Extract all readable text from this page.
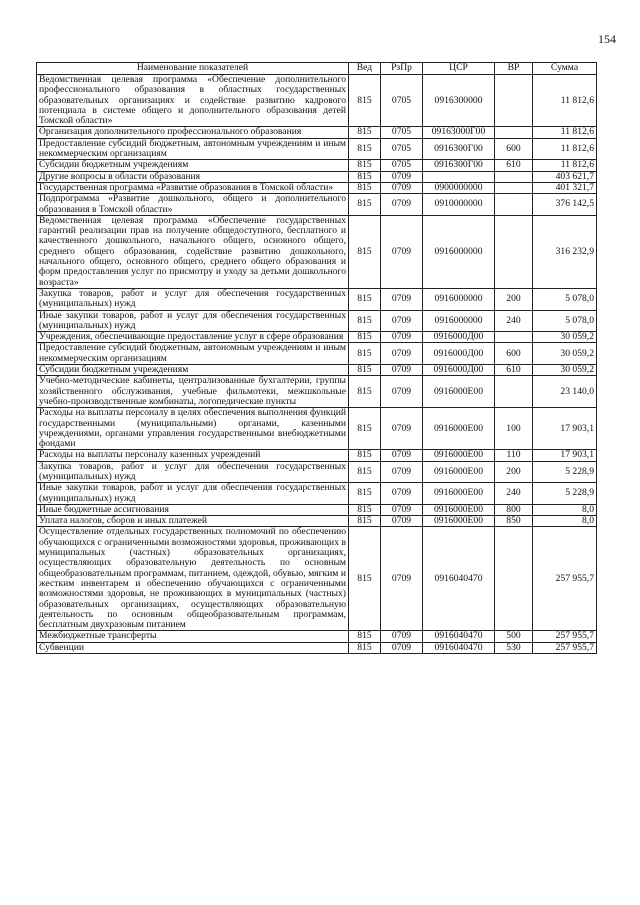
154
Наименование показателей	Вед	РзПр	ЦСР	ВР	Сумма
Ведомственная целевая программа «Обеспечение дополнительного профессионального образования в областных государственных образовательных организациях и содействие развитию кадрового потенциала в системе общего и дополнительного образования детей Томской области»	815	0705	0916300000		11 812,6
Организация дополнительного профессионального образования	815	0705	09163000Г00		11 812,6
Предоставление субсидий бюджетным, автономным учреждениям и иным некоммерческим организациям	815	0705	0916300Г00	600	11 812,6
Субсидии бюджетным учреждениям	815	0705	0916300Г00	610	11 812,6
Другие вопросы в области образования	815	0709			403 621,7
Государственная программа «Развитие образования в Томской области»	815	0709	0900000000		401 321,7
Подпрограмма «Развитие дошкольного, общего и дополнительного образования в Томской области»	815	0709	0910000000		376 142,5
Ведомственная целевая программа «Обеспечение государственных гарантий реализации прав на получение общедоступного, бесплатного и качественного дошкольного, начального общего, основного общего, среднего общего образования, содействие развитию дошкольного, начального общего, основного общего, среднего общего образования и форм предоставления услуг по присмотру и уходу за детьми дошкольного возраста»	815	0709	0916000000		316 232,9
Закупка товаров, работ и услуг для обеспечения государственных (муниципальных) нужд	815	0709	0916000000	200	5 078,0
Иные закупки товаров, работ и услуг для обеспечения государственных (муниципальных) нужд	815	0709	0916000000	240	5 078,0
Учреждения, обеспечивающие предоставление услуг в сфере образования	815	0709	0916000Д00		30 059,2
Предоставление субсидий бюджетным, автономным учреждениям и иным некоммерческим организациям	815	0709	0916000Д00	600	30 059,2
Субсидии бюджетным учреждениям	815	0709	0916000Д00	610	30 059,2
Учебно-методические кабинеты, централизованные бухгалтерии, группы хозяйственного обслуживания, учебные фильмотеки, межшкольные учебно-производственные комбинаты, логопедические пункты	815	0709	0916000Е00		23 140,0
Расходы на выплаты персоналу в целях обеспечения выполнения функций государственными (муниципальными) органами, казенными учреждениями, органами управления государственными внебюджетными фондами	815	0709	0916000Е00	100	17 903,1
Расходы на выплаты персоналу казенных учреждений	815	0709	0916000Е00	110	17 903,1
Закупка товаров, работ и услуг для обеспечения государственных (муниципальных) нужд	815	0709	0916000Е00	200	5 228,9
Иные закупки товаров, работ и услуг для обеспечения государственных (муниципальных) нужд	815	0709	0916000Е00	240	5 228,9
Иные бюджетные ассигнования	815	0709	0916000Е00	800	8,0
Уплата налогов, сборов и иных платежей	815	0709	0916000Е00	850	8,0
Осуществление отдельных государственных полномочий по обеспечению обучающихся с ограниченными возможностями здоровья, проживающих в муниципальных (частных) образовательных организациях, осуществляющих образовательную деятельность по основным общеобразовательным программам, питанием, одеждой, обувью, мягким и жестким инвентарем и обеспечению обучающихся с ограниченными возможностями здоровья, не проживающих в муниципальных (частных) образовательных организациях, осуществляющих образовательную деятельность по основным общеобразовательным программам, бесплатным двухразовым питанием	815	0709	0916040470		257 955,7
Межбюджетные трансферты	815	0709	0916040470	500	257 955,7
Субвенции	815	0709	0916040470	530	257 955,7
